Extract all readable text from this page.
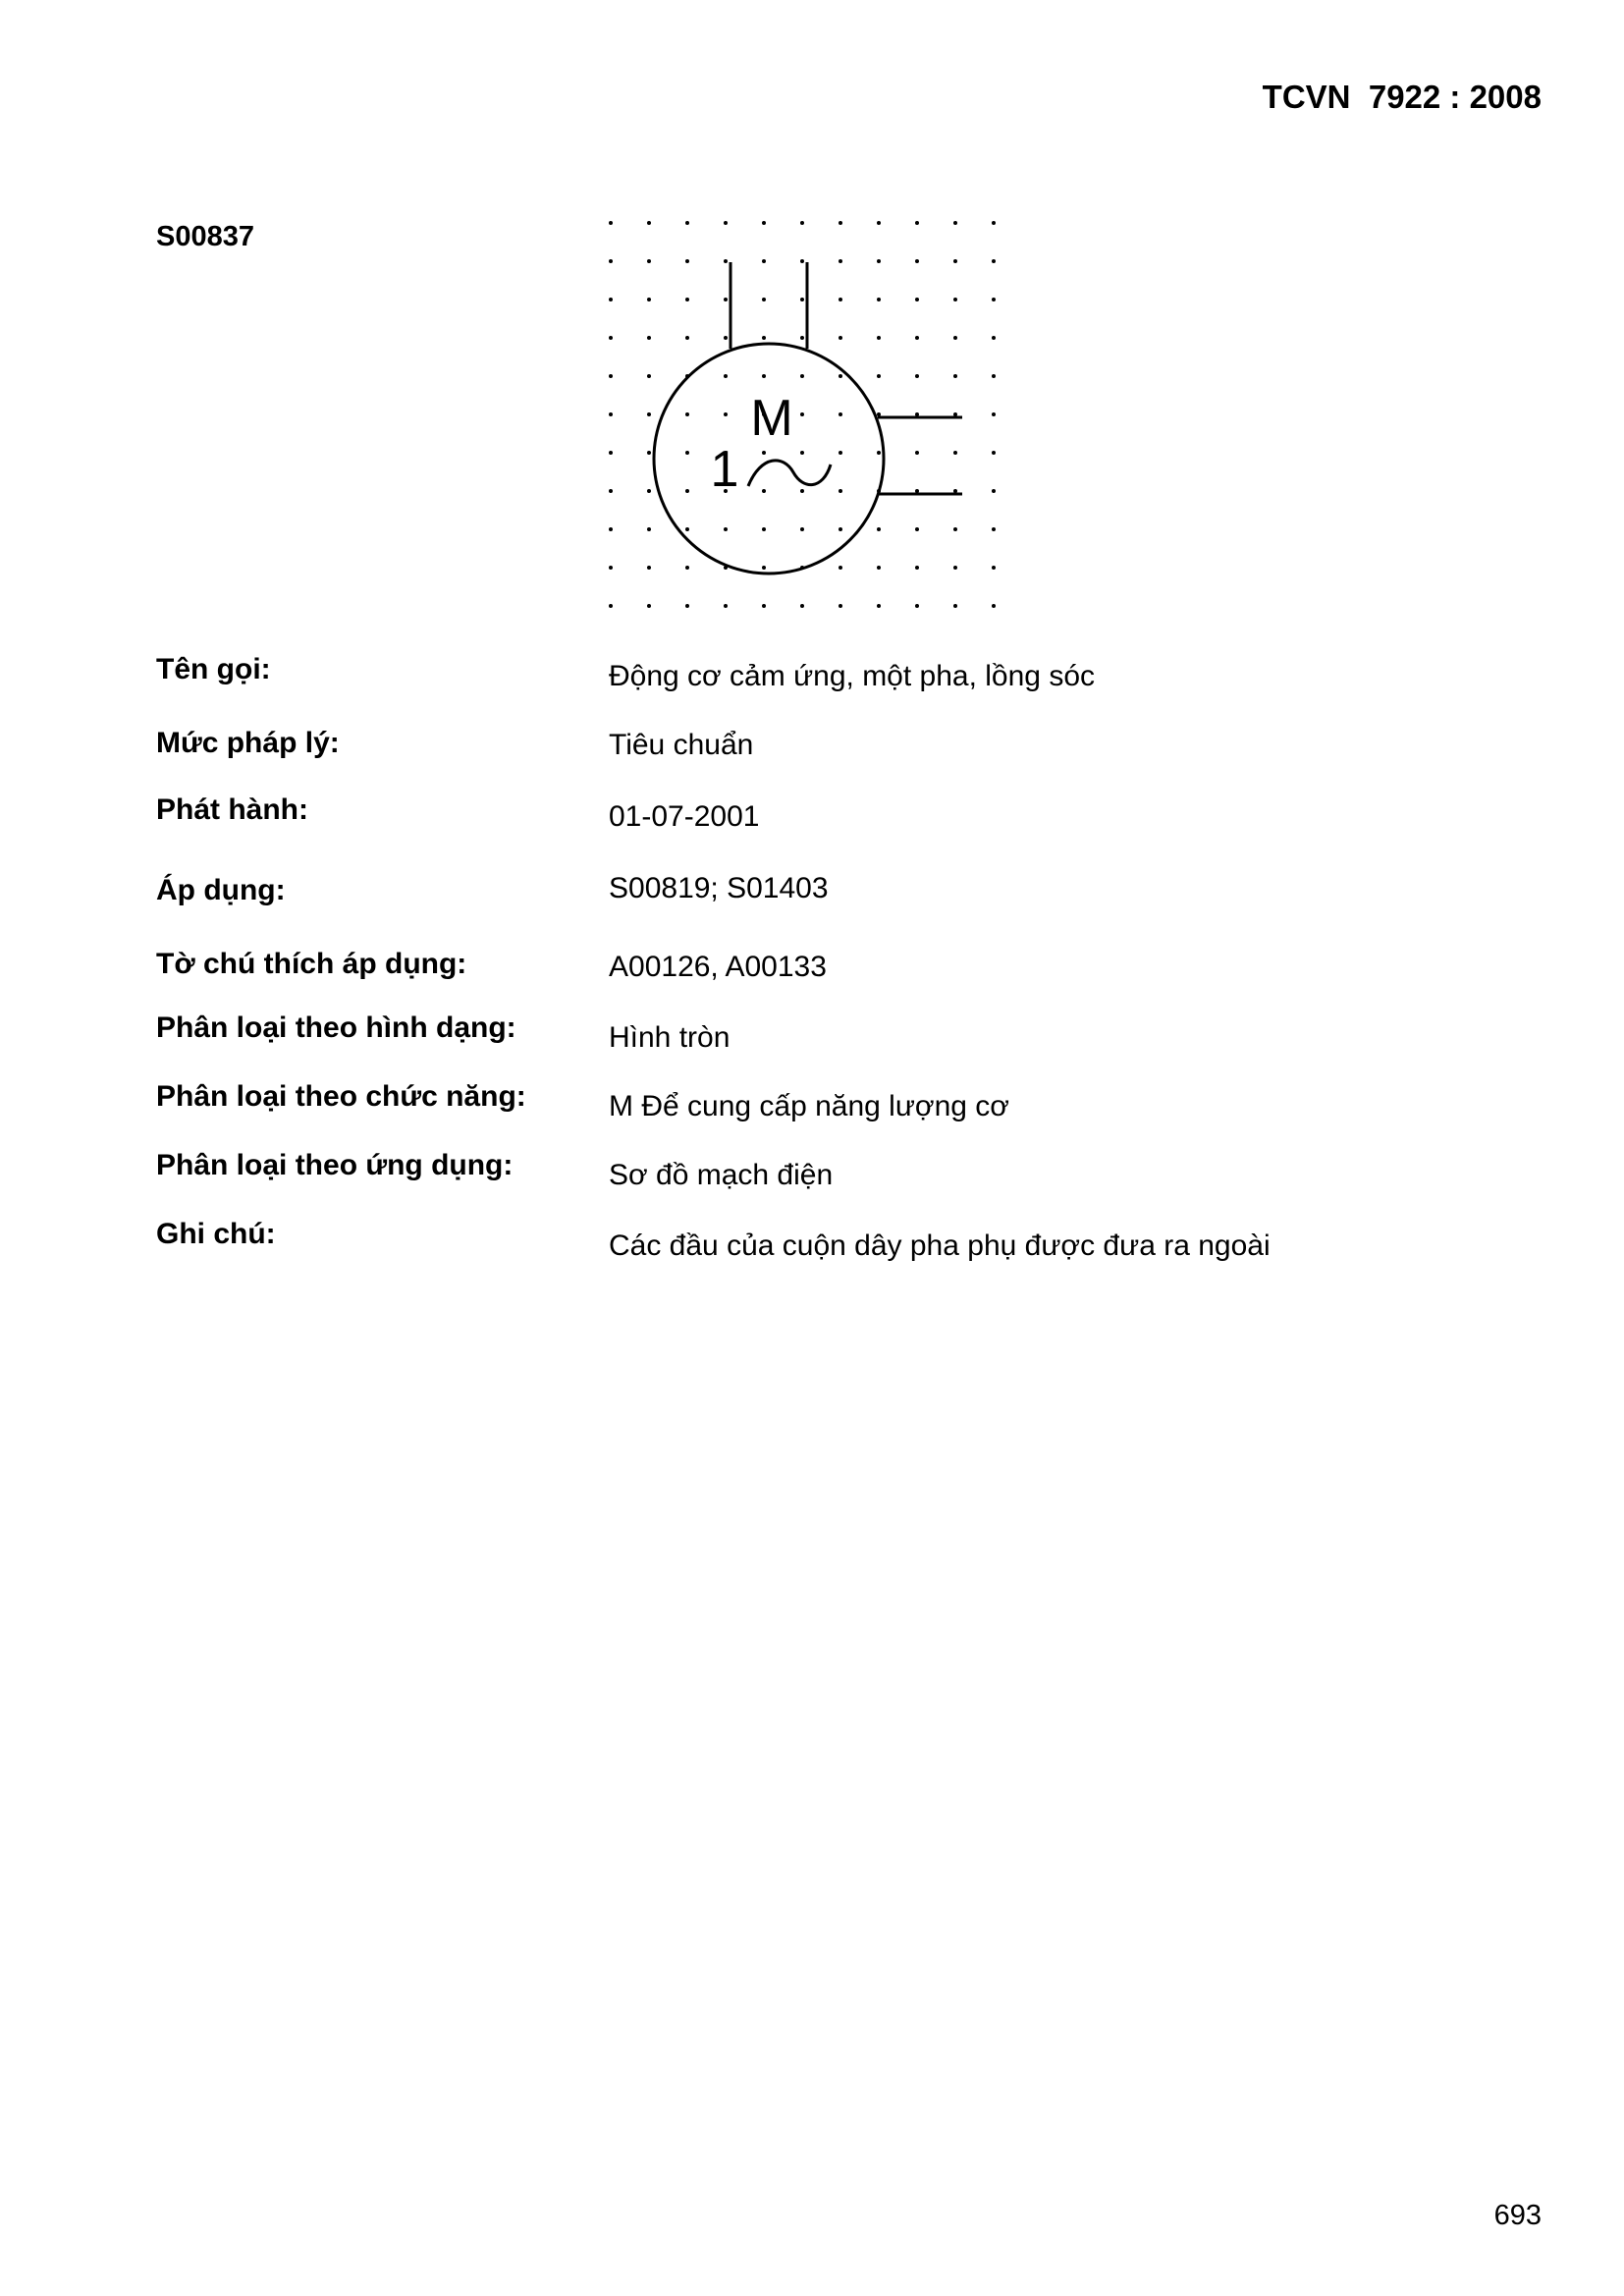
TCVN  7922 : 2008
S00837
M
1
Tên gọi:	Động cơ cảm ứng, một pha, lồng sóc
Mức pháp lý:	Tiêu chuẩn
Phát hành:	01-07-2001
Áp dụng:	S00819; S01403
Tờ chú thích áp dụng:	A00126, A00133
Phân loại theo hình dạng:	Hình tròn
Phân loại theo chức năng:	M Để cung cấp năng lượng cơ
Phân loại theo ứng dụng:	Sơ đồ mạch điện
Ghi chú:	Các đầu của cuộn dây pha phụ được đưa ra ngoài
693
